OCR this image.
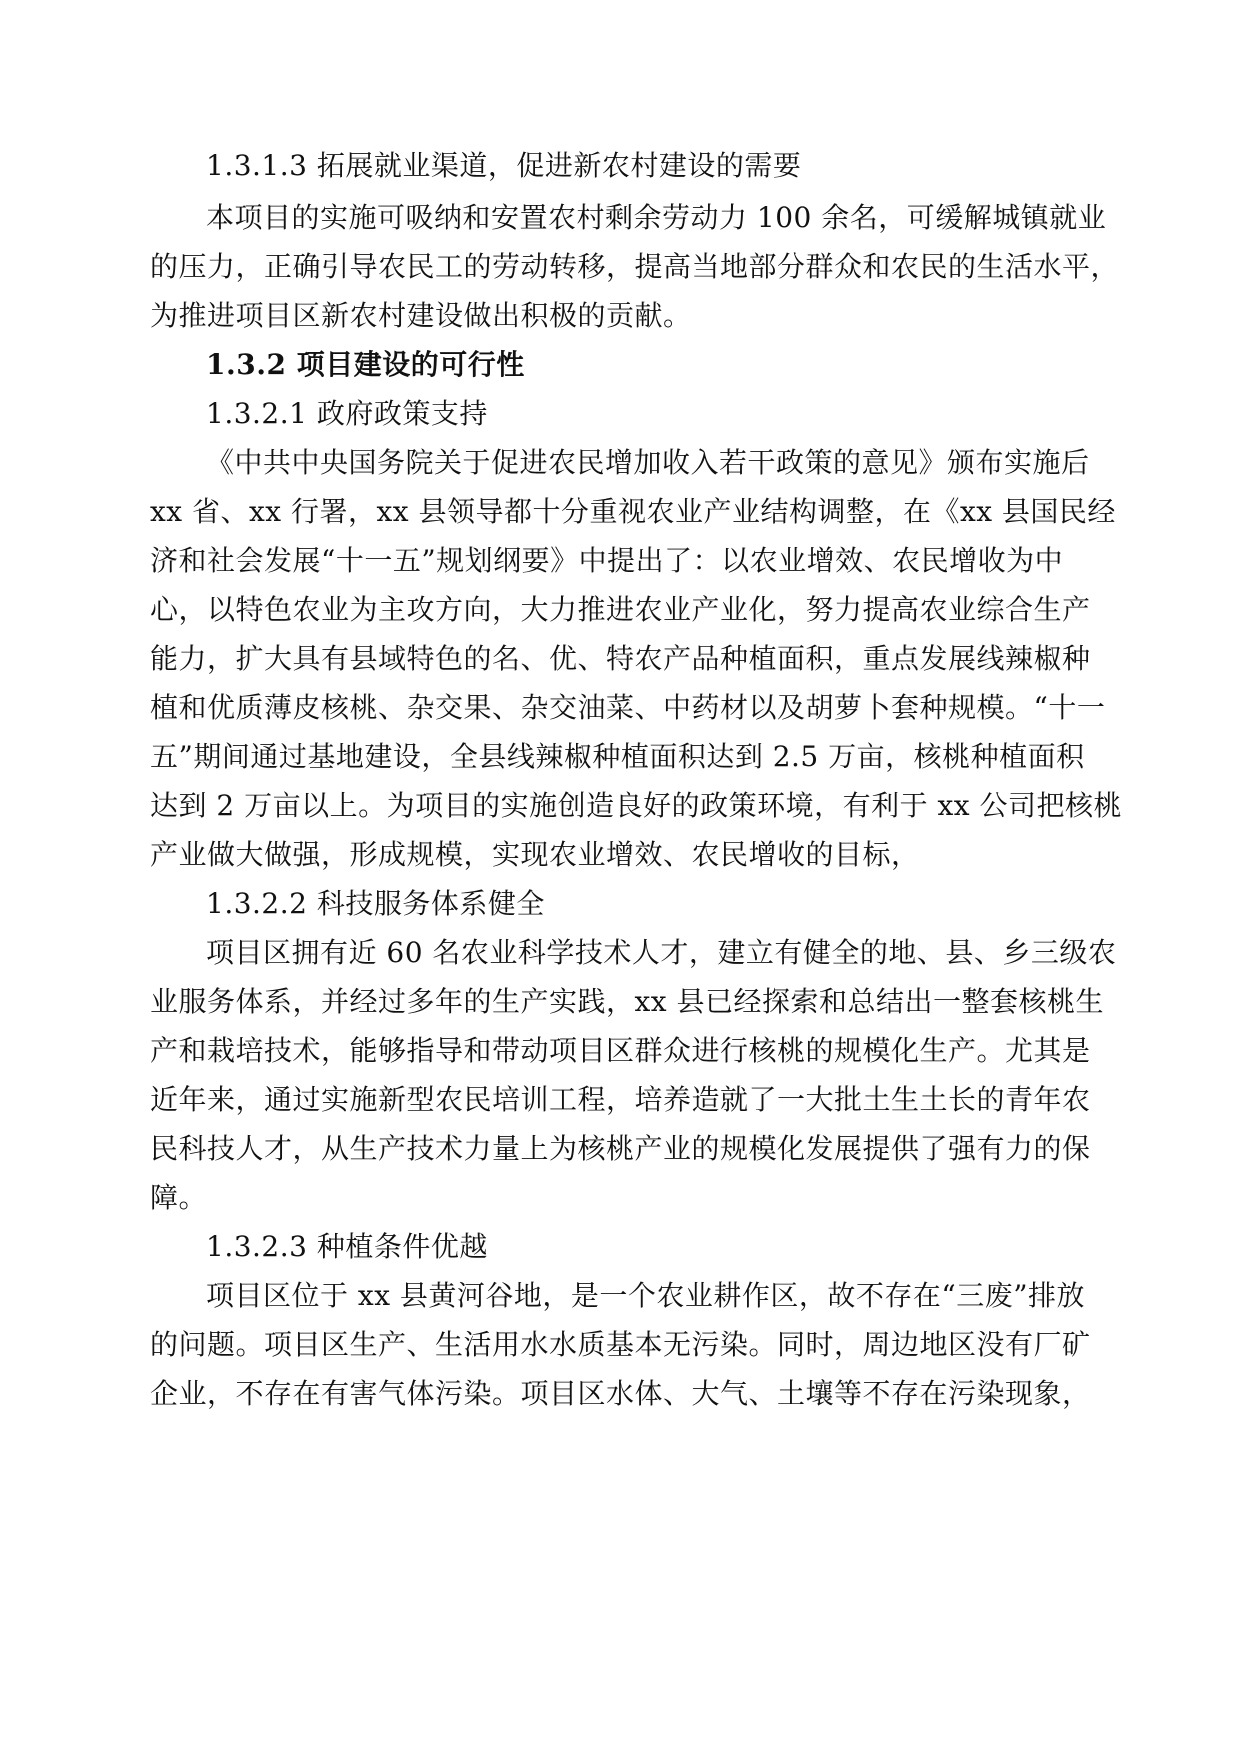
1.3.1.3 拓展就业渠道，促进新农村建设的需要
本项目的实施可吸纳和安置农村剩余劳动力 100 余名，可缓解城镇就业
的压力，正确引导农民工的劳动转移，提高当地部分群众和农民的生活水平，
为推进项目区新农村建设做出积极的贡献。
1.3.2 项目建设的可行性
1.3.2.1 政府政策支持
《中共中央国务院关于促进农民增加收入若干政策的意见》颁布实施后
xx 省、xx 行署，xx 县领导都十分重视农业产业结构调整，在《xx 县国民经
济和社会发展“十一五”规划纲要》中提出了：以农业增效、农民增收为中
心，以特色农业为主攻方向，大力推进农业产业化，努力提高农业综合生产
能力，扩大具有县域特色的名、优、特农产品种植面积，重点发展线辣椒种
植和优质薄皮核桃、杂交果、杂交油菜、中药材以及胡萝卜套种规模。“十一
五”期间通过基地建设，全县线辣椒种植面积达到 2.5 万亩，核桃种植面积
达到 2 万亩以上。为项目的实施创造良好的政策环境，有利于 xx 公司把核桃
产业做大做强，形成规模，实现农业增效、农民增收的目标，
1.3.2.2 科技服务体系健全
项目区拥有近 60 名农业科学技术人才，建立有健全的地、县、乡三级农
业服务体系，并经过多年的生产实践，xx 县已经探索和总结出一整套核桃生
产和栽培技术，能够指导和带动项目区群众进行核桃的规模化生产。尤其是
近年来，通过实施新型农民培训工程，培养造就了一大批土生土长的青年农
民科技人才，从生产技术力量上为核桃产业的规模化发展提供了强有力的保
障。
1.3.2.3 种植条件优越
项目区位于 xx 县黄河谷地，是一个农业耕作区，故不存在“三废”排放
的问题。项目区生产、生活用水水质基本无污染。同时，周边地区没有厂矿
企业，不存在有害气体污染。项目区水体、大气、土壤等不存在污染现象，
